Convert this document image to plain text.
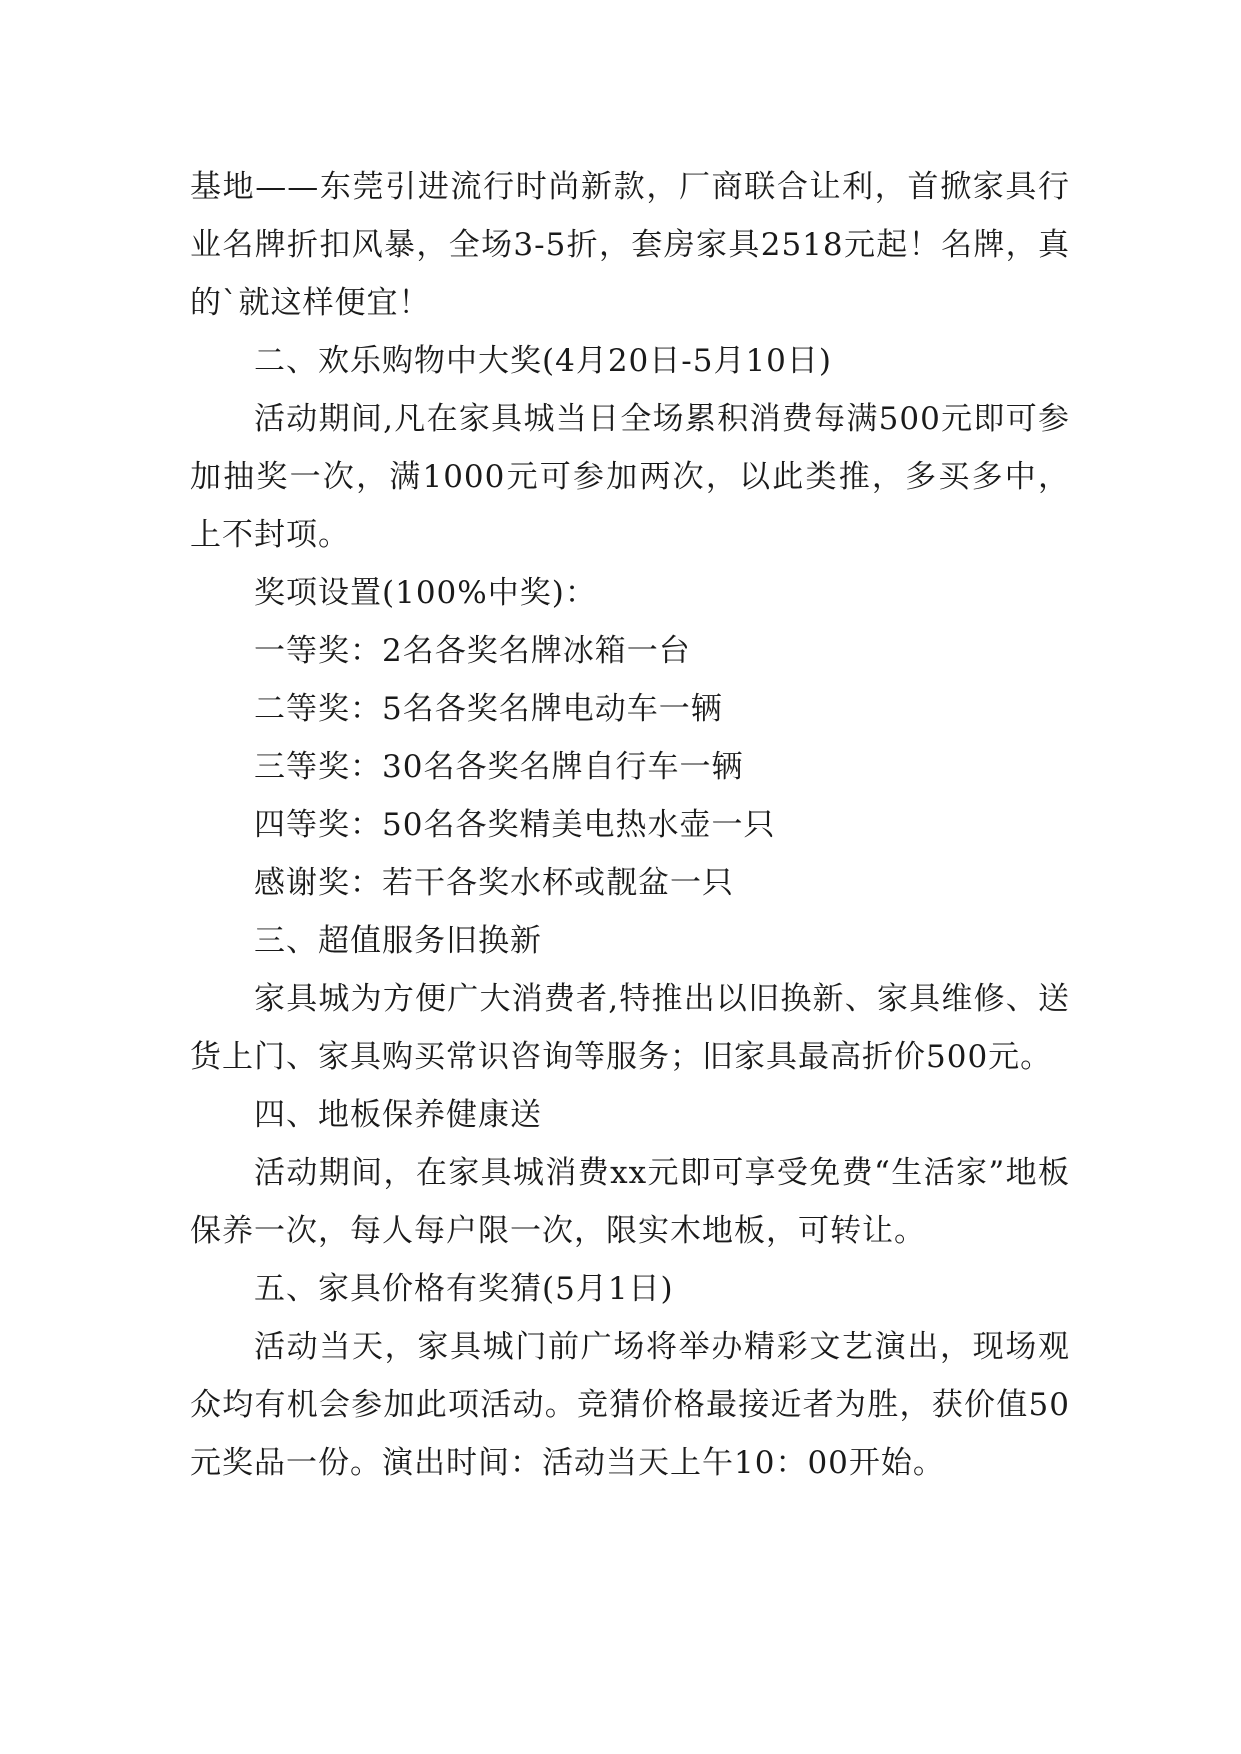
基地——东莞引进流行时尚新款，厂商联合让利，首掀家具行业名牌折扣风暴，全场3-5折，套房家具2518元起！名牌，真的`就这样便宜！

二、欢乐购物中大奖(4月20日-5月10日)

活动期间,凡在家具城当日全场累积消费每满500元即可参加抽奖一次，满1000元可参加两次，以此类推，多买多中，上不封项。

奖项设置(100%中奖)：

一等奖：2名各奖名牌冰箱一台

二等奖：5名各奖名牌电动车一辆

三等奖：30名各奖名牌自行车一辆

四等奖：50名各奖精美电热水壶一只

感谢奖：若干各奖水杯或靓盆一只

三、超值服务旧换新

家具城为方便广大消费者,特推出以旧换新、家具维修、送货上门、家具购买常识咨询等服务；旧家具最高折价500元。

四、地板保养健康送

活动期间，在家具城消费xx元即可享受免费“生活家”地板保养一次，每人每户限一次，限实木地板，可转让。

五、家具价格有奖猜(5月1日)

活动当天，家具城门前广场将举办精彩文艺演出，现场观众均有机会参加此项活动。竞猜价格最接近者为胜，获价值50元奖品一份。演出时间：活动当天上午10：00开始。
